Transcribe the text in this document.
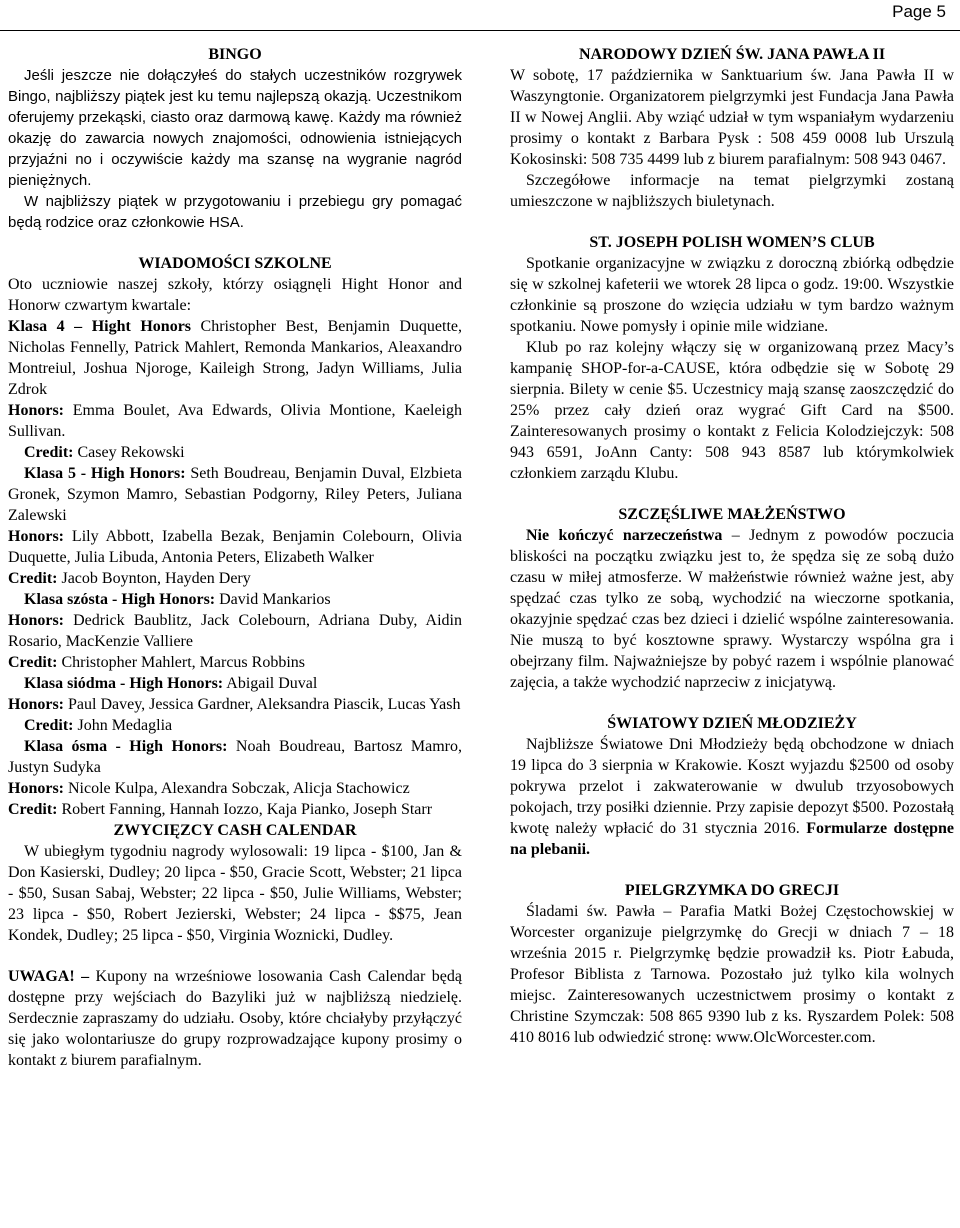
Page 5

BINGO

Jeśli jeszcze nie dołączyłeś do stałych uczestników rozgrywek Bingo, najbliższy piątek jest ku temu najlepszą okazją. Uczestnikom oferujemy przekąski, ciasto oraz darmową kawę. Każdy ma również okazję do zawarcia nowych znajomości, odnowienia istniejących przyjaźni no i oczywiście każdy ma szansę na wygranie nagród pieniężnych.

W najbliższy piątek w przygotowaniu i przebiegu gry pomagać będą rodzice oraz członkowie HSA.

WIADOMOŚCI SZKOLNE

Oto uczniowie naszej szkoły, którzy osiągnęli Hight Honor and Honorw czwartym kwartale:

Klasa 4 – Hight Honors Christopher Best, Benjamin Duquette, Nicholas Fennelly, Patrick Mahlert, Remonda Mankarios, Aleaxandro Montreiul, Joshua Njoroge, Kaileigh Strong, Jadyn Williams, Julia Zdrok

Honors: Emma Boulet, Ava Edwards, Olivia Montione, Kaeleigh Sullivan.

Credit: Casey Rekowski

Klasa 5 - High Honors: Seth Boudreau, Benjamin Duval, Elzbieta Gronek, Szymon Mamro, Sebastian Podgorny, Riley Peters, Juliana Zalewski

Honors: Lily Abbott, Izabella Bezak, Benjamin Colebourn, Olivia Duquette, Julia Libuda, Antonia Peters, Elizabeth Walker

Credit: Jacob Boynton, Hayden Dery

Klasa szósta - High Honors: David Mankarios

Honors: Dedrick Baublitz, Jack Colebourn, Adriana Duby, Aidin Rosario, MacKenzie Valliere

Credit: Christopher Mahlert, Marcus Robbins

Klasa siódma - High Honors: Abigail Duval

Honors: Paul Davey, Jessica Gardner, Aleksandra Piascik, Lucas Yash

Credit: John Medaglia

Klasa ósma - High Honors: Noah Boudreau, Bartosz Mamro, Justyn Sudyka

Honors: Nicole Kulpa, Alexandra Sobczak, Alicja Stachowicz

Credit: Robert Fanning, Hannah Iozzo, Kaja Pianko, Joseph Starr

ZWYCIĘZCY CASH CALENDAR

W ubiegłym tygodniu nagrody wylosowali: 19 lipca - $100, Jan & Don Kasierski, Dudley; 20 lipca - $50, Gracie Scott, Webster; 21 lipca - $50, Susan Sabaj, Webster; 22 lipca - $50, Julie Williams, Webster; 23 lipca - $50, Robert Jezierski, Webster; 24 lipca - $$75, Jean Kondek, Dudley; 25 lipca - $50, Virginia Woznicki, Dudley.

UWAGA! – Kupony na wrześniowe losowania Cash Calendar będą dostępne przy wejściach do Bazyliki już w najbliższą niedzielę. Serdecznie zapraszamy do udziału. Osoby, które chciałyby przyłączyć się jako wolontariusze do grupy rozprowadzające kupony prosimy o kontakt z biurem parafialnym.

NARODOWY DZIEŃ ŚW. JANA PAWŁA II

W sobotę, 17 października w Sanktuarium św. Jana Pawła II w Waszyngtonie. Organizatorem pielgrzymki jest Fundacja Jana Pawła II w Nowej Anglii. Aby wziąć udział w tym wspaniałym wydarzeniu prosimy o kontakt z Barbara Pysk : 508 459 0008 lub Urszulą Kokosinski: 508 735 4499 lub z biurem parafialnym: 508 943 0467.

Szczegółowe informacje na temat pielgrzymki zostaną umieszczone w najbliższych biuletynach.

ST. JOSEPH POLISH WOMEN’S CLUB

Spotkanie organizacyjne w związku z doroczną zbiórką odbędzie się w szkolnej kafeterii we wtorek 28 lipca o godz. 19:00. Wszystkie członkinie są proszone do wzięcia udziału w tym bardzo ważnym spotkaniu. Nowe pomysły i opinie mile widziane.

Klub po raz kolejny włączy się w organizowaną przez Macy’s kampanię SHOP-for-a-CAUSE, która odbędzie się w Sobotę 29 sierpnia. Bilety w cenie $5. Uczestnicy mają szansę zaoszczędzić do 25% przez cały dzień oraz wygrać Gift Card na $500. Zainteresowanych prosimy o kontakt z Felicia Kolodziejczyk: 508 943 6591, JoAnn Canty: 508 943 8587 lub którymkolwiek członkiem zarządu Klubu.

SZCZĘŚLIWE MAŁŻEŃSTWO

Nie kończyć narzeczeństwa – Jednym z powodów poczucia bliskości na początku związku jest to, że spędza się ze sobą dużo czasu w miłej atmosferze. W małżeństwie również ważne jest, aby spędzać czas tylko ze sobą, wychodzić na wieczorne spotkania, okazyjnie spędzać czas bez dzieci i dzielić wspólne zainteresowania. Nie muszą to być kosztowne sprawy. Wystarczy wspólna gra i obejrzany film. Najważniejsze by pobyć razem i wspólnie planować zajęcia, a także wychodzić naprzeciw z inicjatywą.

ŚWIATOWY DZIEŃ MŁODZIEŻY

Najbliższe Światowe Dni Młodzieży będą obchodzone w dniach 19 lipca do 3 sierpnia w Krakowie. Koszt wyjazdu $2500 od osoby pokrywa przelot i zakwaterowanie w dwulub trzyosobowych pokojach, trzy posiłki dziennie. Przy zapisie depozyt $500. Pozostałą kwotę należy wpłacić do 31 stycznia 2016. Formularze dostępne na plebanii.

PIELGRZYMKA DO GRECJI

Śladami św. Pawła – Parafia Matki Bożej Częstochowskiej w Worcester organizuje pielgrzymkę do Grecji w dniach 7 – 18 września 2015 r. Pielgrzymkę będzie prowadził ks. Piotr Łabuda, Profesor Biblista z Tarnowa. Pozostało już tylko kila wolnych miejsc. Zainteresowanych uczestnictwem prosimy o kontakt z Christine Szymczak: 508 865 9390 lub z ks. Ryszardem Polek: 508 410 8016 lub odwiedzić stronę: www.OlcWorcester.com.
